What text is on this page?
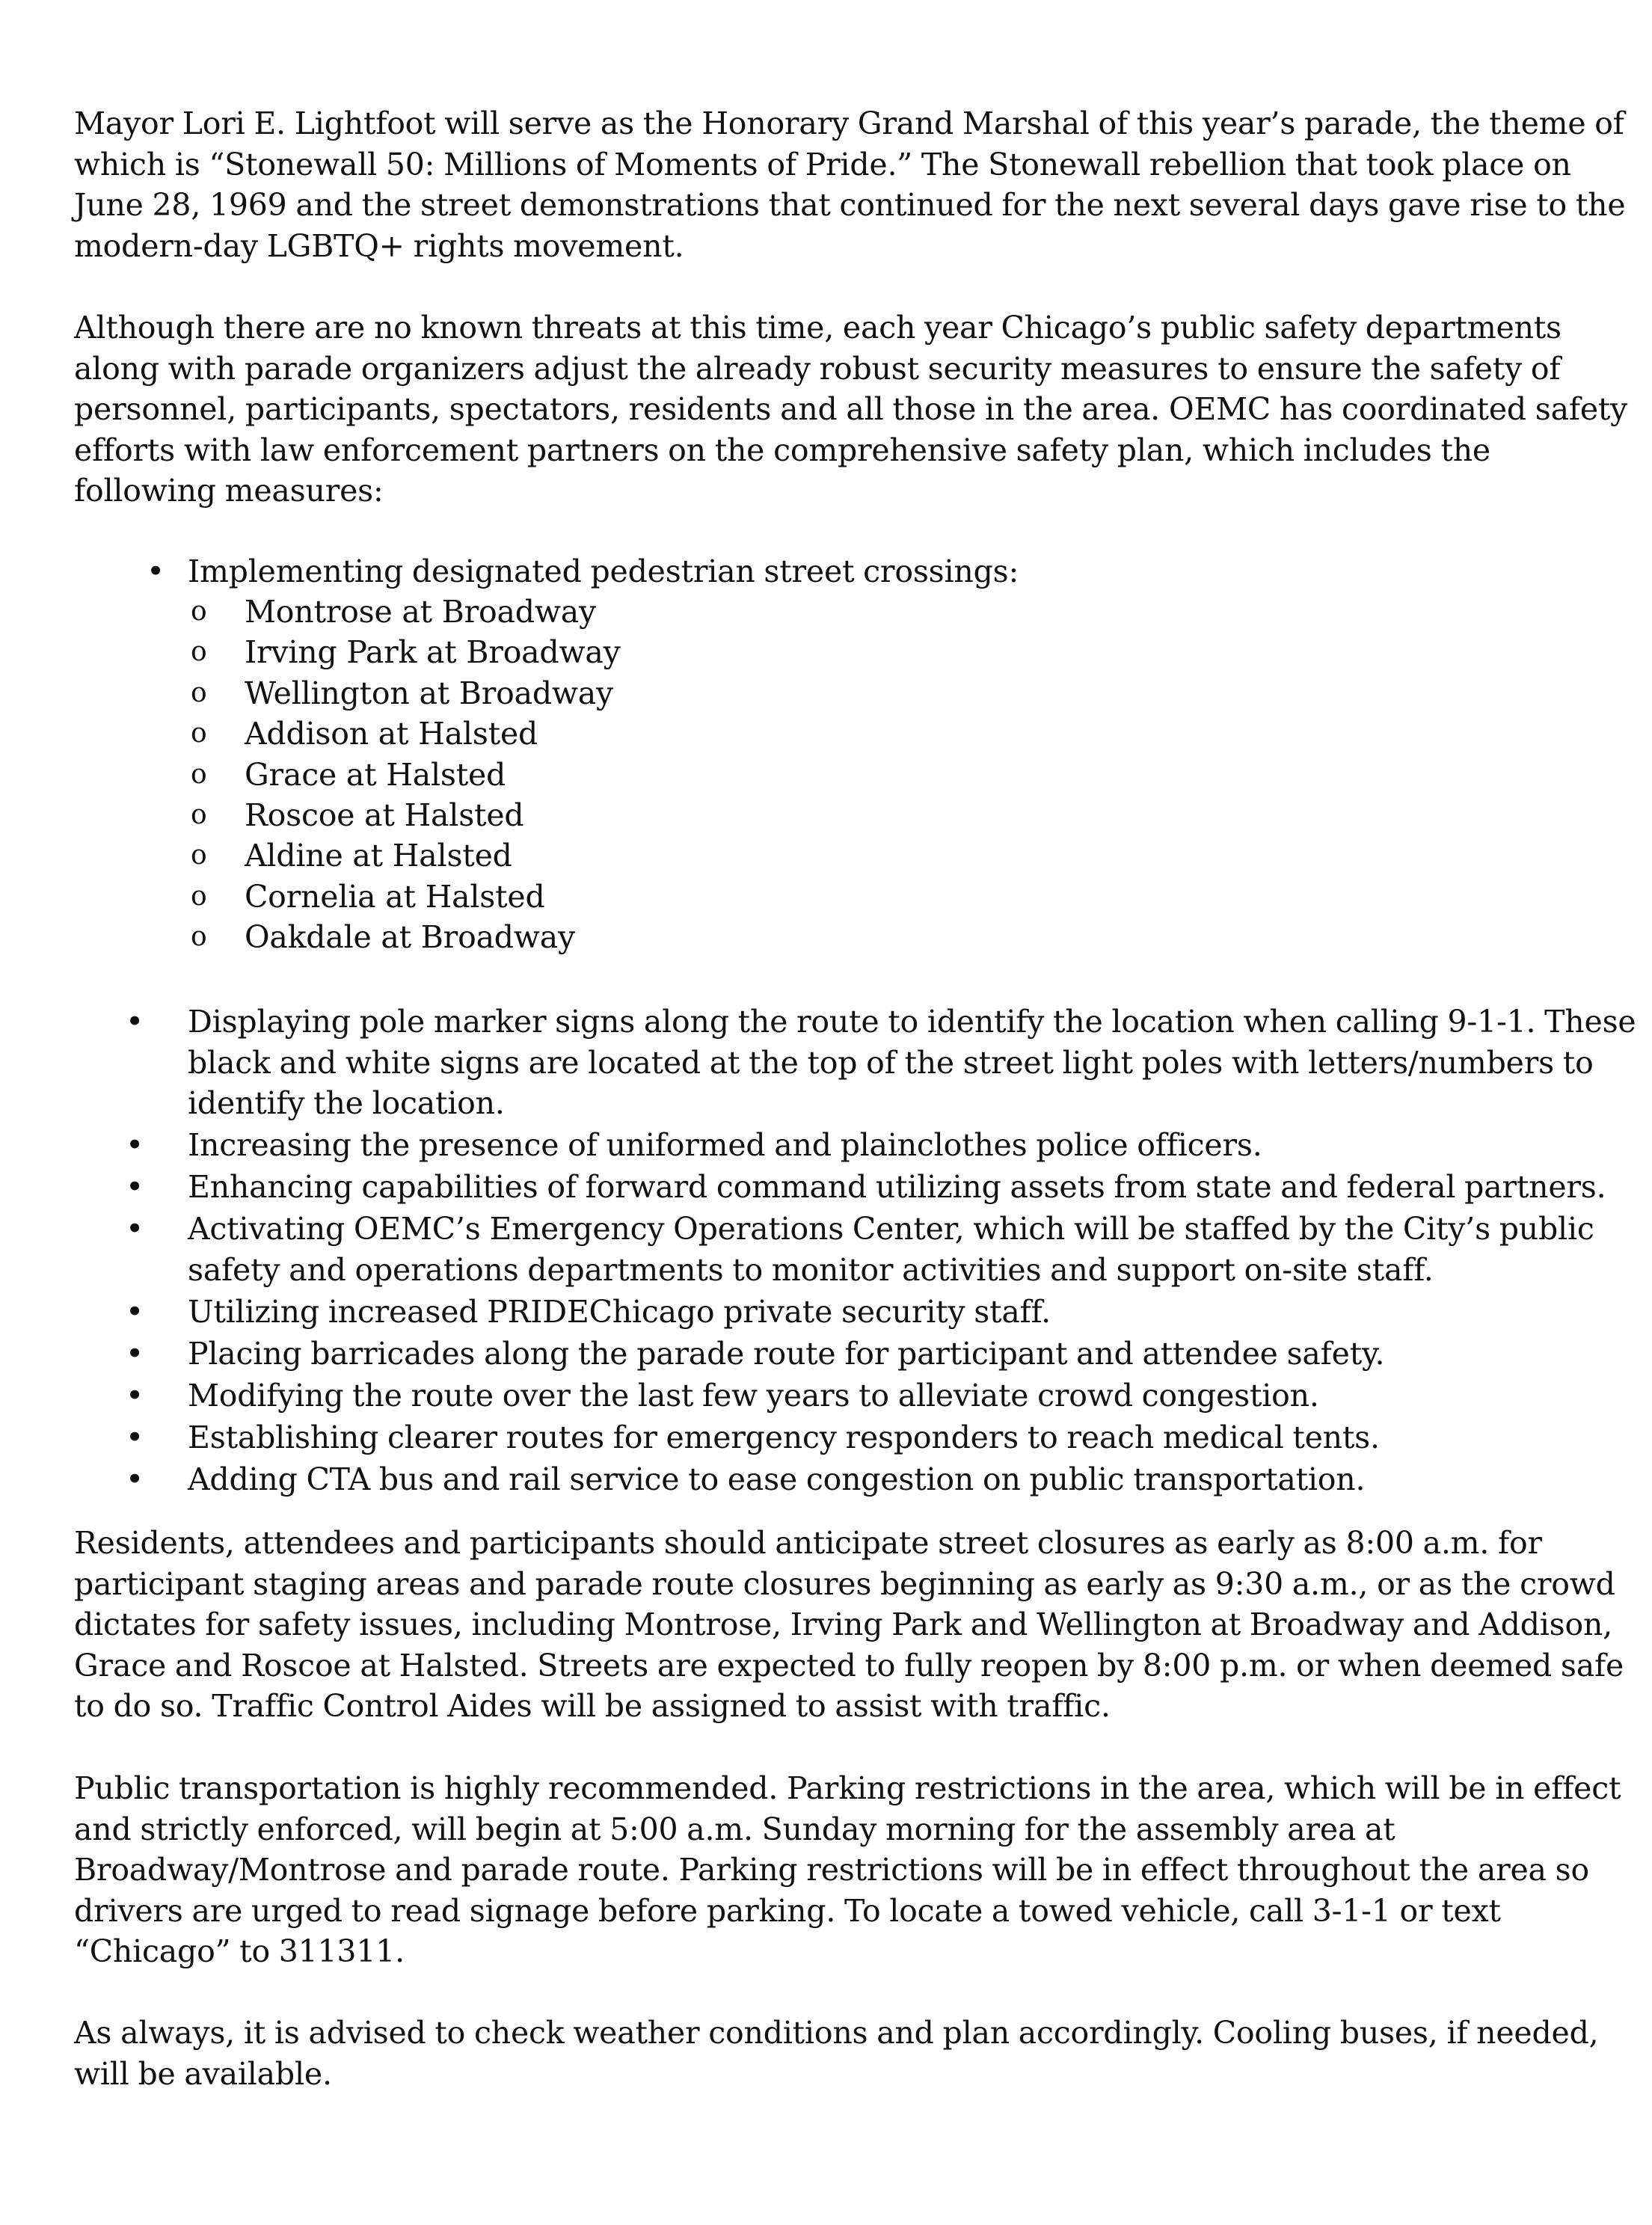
Mayor Lori E. Lightfoot will serve as the Honorary Grand Marshal of this year’s parade, the theme of which is “Stonewall 50: Millions of Moments of Pride.” The Stonewall rebellion that took place on June 28, 1969 and the street demonstrations that continued for the next several days gave rise to the modern-day LGBTQ+ rights movement.

Although there are no known threats at this time, each year Chicago’s public safety departments along with parade organizers adjust the already robust security measures to ensure the safety of personnel, participants, spectators, residents and all those in the area. OEMC has coordinated safety efforts with law enforcement partners on the comprehensive safety plan, which includes the following measures:

• Implementing designated pedestrian street crossings:
o Montrose at Broadway
o Irving Park at Broadway
o Wellington at Broadway
o Addison at Halsted
o Grace at Halsted
o Roscoe at Halsted
o Aldine at Halsted
o Cornelia at Halsted
o Oakdale at Broadway
• Displaying pole marker signs along the route to identify the location when calling 9-1-1. These black and white signs are located at the top of the street light poles with letters/numbers to identify the location.
• Increasing the presence of uniformed and plainclothes police officers.
• Enhancing capabilities of forward command utilizing assets from state and federal partners.
• Activating OEMC’s Emergency Operations Center, which will be staffed by the City’s public safety and operations departments to monitor activities and support on-site staff.
• Utilizing increased PRIDEChicago private security staff.
• Placing barricades along the parade route for participant and attendee safety.
• Modifying the route over the last few years to alleviate crowd congestion.
• Establishing clearer routes for emergency responders to reach medical tents.
• Adding CTA bus and rail service to ease congestion on public transportation.

Residents, attendees and participants should anticipate street closures as early as 8:00 a.m. for participant staging areas and parade route closures beginning as early as 9:30 a.m., or as the crowd dictates for safety issues, including Montrose, Irving Park and Wellington at Broadway and Addison, Grace and Roscoe at Halsted. Streets are expected to fully reopen by 8:00 p.m. or when deemed safe to do so. Traffic Control Aides will be assigned to assist with traffic.

Public transportation is highly recommended. Parking restrictions in the area, which will be in effect and strictly enforced, will begin at 5:00 a.m. Sunday morning for the assembly area at Broadway/Montrose and parade route. Parking restrictions will be in effect throughout the area so drivers are urged to read signage before parking. To locate a towed vehicle, call 3-1-1 or text “Chicago” to 311311.

As always, it is advised to check weather conditions and plan accordingly. Cooling buses, if needed, will be available.
